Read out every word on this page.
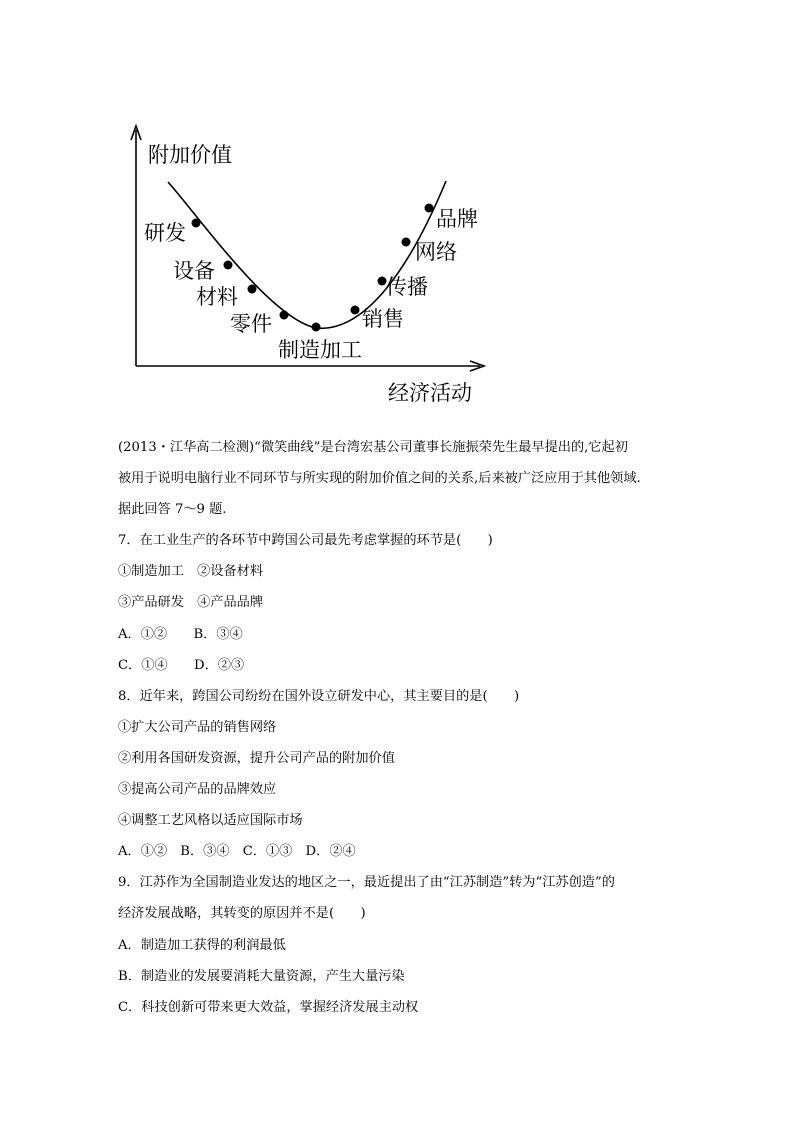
附加价值
经济活动
研发
设备
材料
零件
制造加工
销售
传播
网络
品牌

(2013・江华高二检测)“微笑曲线”是台湾宏基公司董事长施振荣先生最早提出的,它起初

被用于说明电脑行业不同环节与所实现的附加价值之间的关系,后来被广泛应用于其他领域.

据此回答 7～9 题.

7．在工业生产的各环节中跨国公司最先考虑掌握的环节是(　　)

①制造加工　②设备材料

③产品研发　④产品品牌

A．①②　　B．③④

C．①④　　D．②③

8．近年来，跨国公司纷纷在国外设立研发中心，其主要目的是(　　)

①扩大公司产品的销售网络

②利用各国研发资源，提升公司产品的附加价值

③提高公司产品的品牌效应

④调整工艺风格以适应国际市场

A．①②　B．③④　C．①③　D．②④

9．江苏作为全国制造业发达的地区之一，最近提出了由“江苏制造”转为“江苏创造”的

经济发展战略，其转变的原因并不是(　　)

A．制造加工获得的利润最低

B．制造业的发展要消耗大量资源，产生大量污染

C．科技创新可带来更大效益，掌握经济发展主动权
